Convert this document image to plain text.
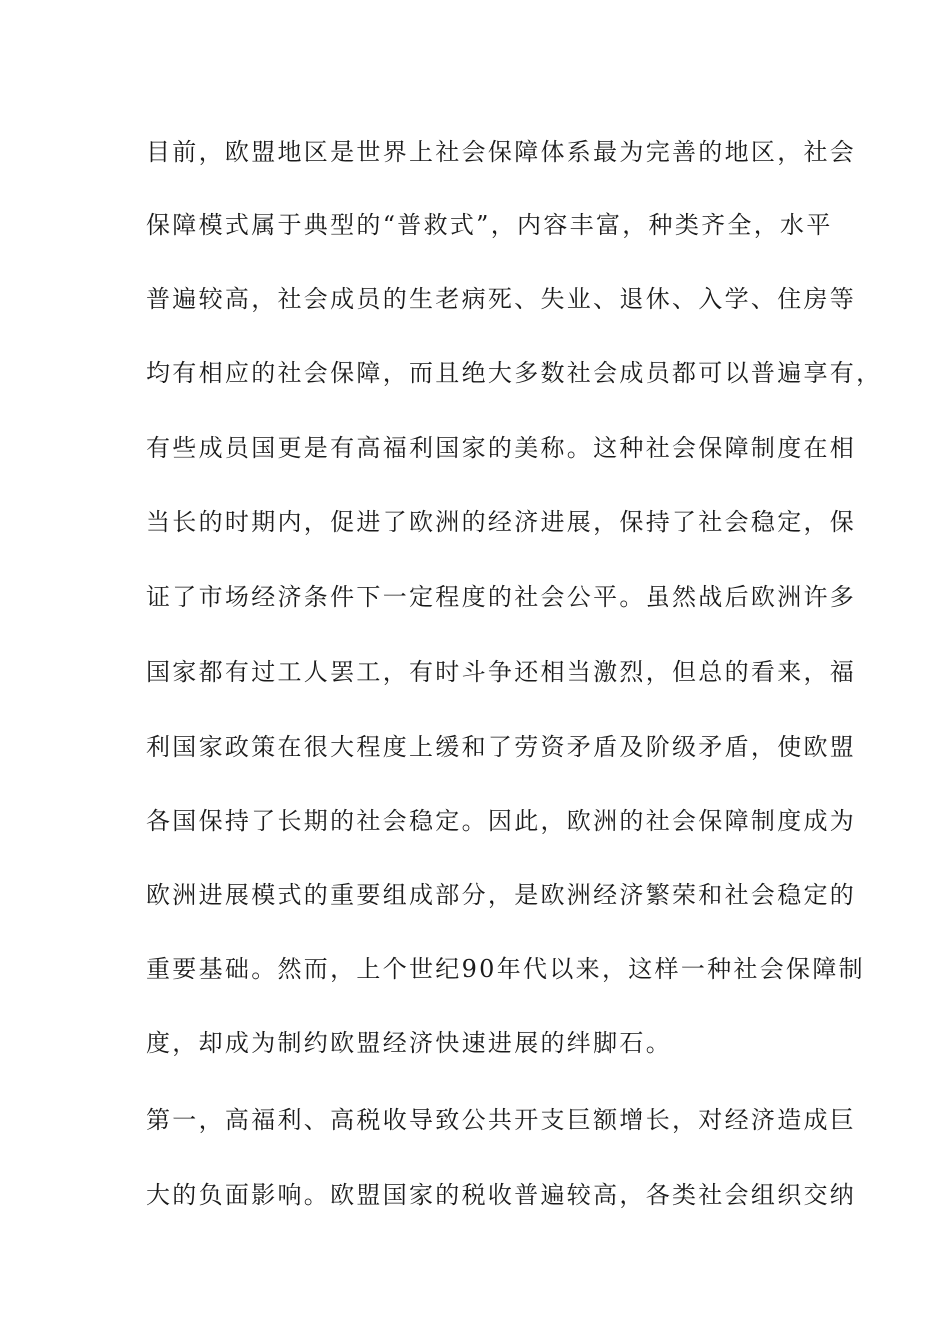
目前，欧盟地区是世界上社会保障体系最为完善的地区，社会
保障模式属于典型的“普救式”，内容丰富，种类齐全，水平
普遍较高，社会成员的生老病死、失业、退休、入学、住房等
均有相应的社会保障，而且绝大多数社会成员都可以普遍享有，
有些成员国更是有高福利国家的美称。这种社会保障制度在相
当长的时期内，促进了欧洲的经济进展，保持了社会稳定，保
证了市场经济条件下一定程度的社会公平。虽然战后欧洲许多
国家都有过工人罢工，有时斗争还相当激烈，但总的看来，福
利国家政策在很大程度上缓和了劳资矛盾及阶级矛盾，使欧盟
各国保持了长期的社会稳定。因此，欧洲的社会保障制度成为
欧洲进展模式的重要组成部分，是欧洲经济繁荣和社会稳定的
重要基础。然而，上个世纪90年代以来，这样一种社会保障制
度，却成为制约欧盟经济快速进展的绊脚石。
第一，高福利、高税收导致公共开支巨额增长，对经济造成巨
大的负面影响。欧盟国家的税收普遍较高，各类社会组织交纳
